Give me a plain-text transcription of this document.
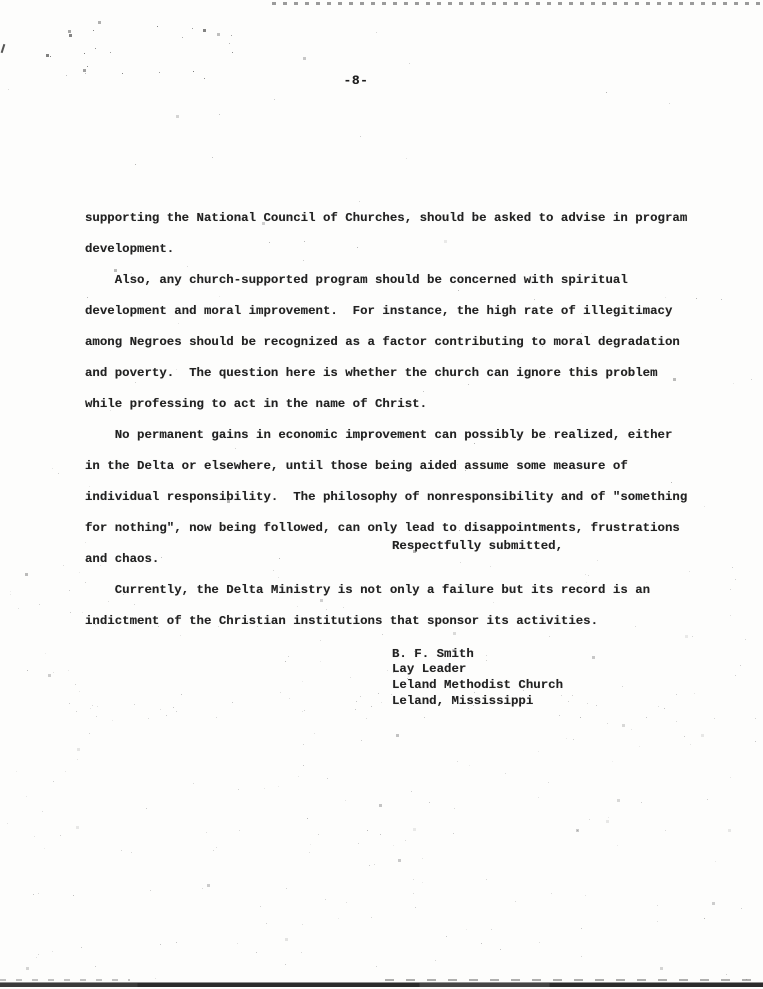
-8-

supporting the National Council of Churches, should be asked to advise in program
development.
Also, any church-supported program should be concerned with spiritual
development and moral improvement.  For instance, the high rate of illegitimacy
among Negroes should be recognized as a factor contributing to moral degradation
and poverty.  The question here is whether the church can ignore this problem
while professing to act in the name of Christ.
No permanent gains in economic improvement can possibly be realized, either
in the Delta or elsewhere, until those being aided assume some measure of
individual responsibility.  The philosophy of nonresponsibility and of "something
for nothing", now being followed, can only lead to disappointments, frustrations
and chaos.
Currently, the Delta Ministry is not only a failure but its record is an
indictment of the Christian institutions that sponsor its activities.
Respectfully submitted,

B. F. Smith
Lay Leader
Leland Methodist Church
Leland, Mississippi
